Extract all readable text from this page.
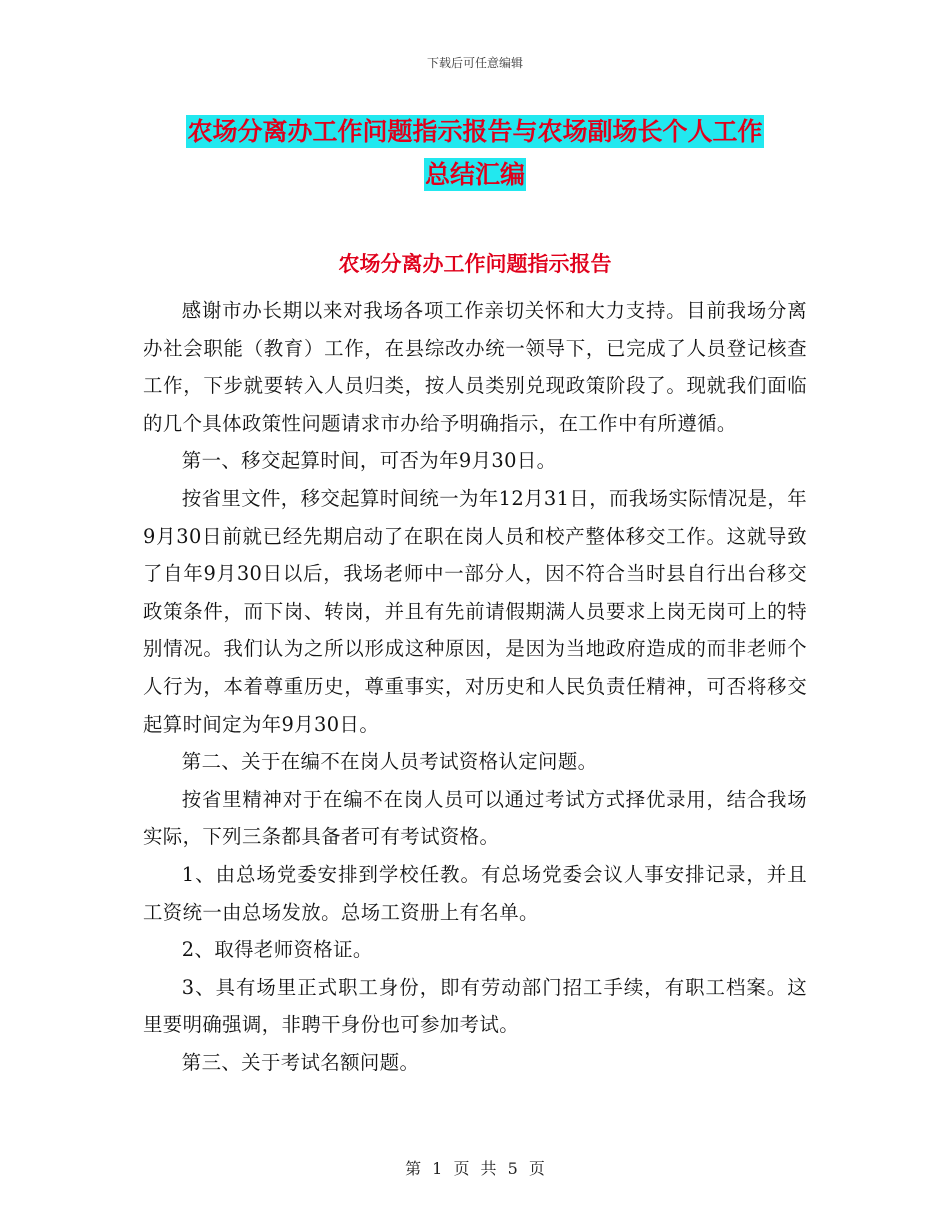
下载后可任意编辑
农场分离办工作问题指示报告与农场副场长个人工作
总结汇编
农场分离办工作问题指示报告

感谢市办长期以来对我场各项工作亲切关怀和大力支持。目前我场分离办社会职能（教育）工作，在县综改办统一领导下，已完成了人员登记核查工作，下步就要转入人员归类，按人员类别兑现政策阶段了。现就我们面临的几个具体政策性问题请求市办给予明确指示，在工作中有所遵循。

第一、移交起算时间，可否为年9月30日。

按省里文件，移交起算时间统一为年12月31日，而我场实际情况是，年9月30日前就已经先期启动了在职在岗人员和校产整体移交工作。这就导致了自年9月30日以后，我场老师中一部分人，因不符合当时县自行出台移交政策条件，而下岗、转岗，并且有先前请假期满人员要求上岗无岗可上的特别情况。我们认为之所以形成这种原因，是因为当地政府造成的而非老师个人行为，本着尊重历史，尊重事实，对历史和人民负责任精神，可否将移交起算时间定为年9月30日。

第二、关于在编不在岗人员考试资格认定问题。

按省里精神对于在编不在岗人员可以通过考试方式择优录用，结合我场实际，下列三条都具备者可有考试资格。

1、由总场党委安排到学校任教。有总场党委会议人事安排记录，并且工资统一由总场发放。总场工资册上有名单。

2、取得老师资格证。

3、具有场里正式职工身份，即有劳动部门招工手续，有职工档案。这里要明确强调，非聘干身份也可参加考试。

第三、关于考试名额问题。

第 1 页 共 5 页
